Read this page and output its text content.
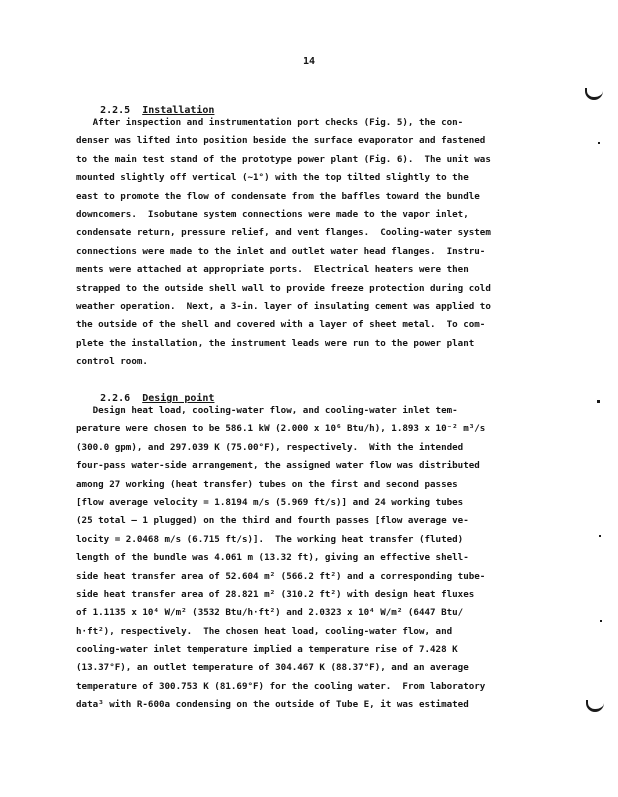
14

2.2.5 Installation

After inspection and instrumentation port checks (Fig. 5), the con-
denser was lifted into position beside the surface evaporator and fastened
to the main test stand of the prototype power plant (Fig. 6).  The unit was
mounted slightly off vertical (~1°) with the top tilted slightly to the
east to promote the flow of condensate from the baffles toward the bundle
downcomers.  Isobutane system connections were made to the vapor inlet,
condensate return, pressure relief, and vent flanges.  Cooling-water system
connections were made to the inlet and outlet water head flanges.  Instru-
ments were attached at appropriate ports.  Electrical heaters were then
strapped to the outside shell wall to provide freeze protection during cold
weather operation.  Next, a 3-in. layer of insulating cement was applied to
the outside of the shell and covered with a layer of sheet metal.  To com-
plete the installation, the instrument leads were run to the power plant
control room.

2.2.6 Design point

Design heat load, cooling-water flow, and cooling-water inlet tem-
perature were chosen to be 586.1 kW (2.000 x 10⁶ Btu/h), 1.893 x 10⁻² m³/s
(300.0 gpm), and 297.039 K (75.00°F), respectively.  With the intended
four-pass water-side arrangement, the assigned water flow was distributed
among 27 working (heat transfer) tubes on the first and second passes
[flow average velocity = 1.8194 m/s (5.969 ft/s)] and 24 working tubes
(25 total — 1 plugged) on the third and fourth passes [flow average ve-
locity = 2.0468 m/s (6.715 ft/s)].  The working heat transfer (fluted)
length of the bundle was 4.061 m (13.32 ft), giving an effective shell-
side heat transfer area of 52.604 m² (566.2 ft²) and a corresponding tube-
side heat transfer area of 28.821 m² (310.2 ft²) with design heat fluxes
of 1.1135 x 10⁴ W/m² (3532 Btu/h·ft²) and 2.0323 x 10⁴ W/m² (6447 Btu/
h·ft²), respectively.  The chosen heat load, cooling-water flow, and
cooling-water inlet temperature implied a temperature rise of 7.428 K
(13.37°F), an outlet temperature of 304.467 K (88.37°F), and an average
temperature of 300.753 K (81.69°F) for the cooling water.  From laboratory
data³ with R-600a condensing on the outside of Tube E, it was estimated
